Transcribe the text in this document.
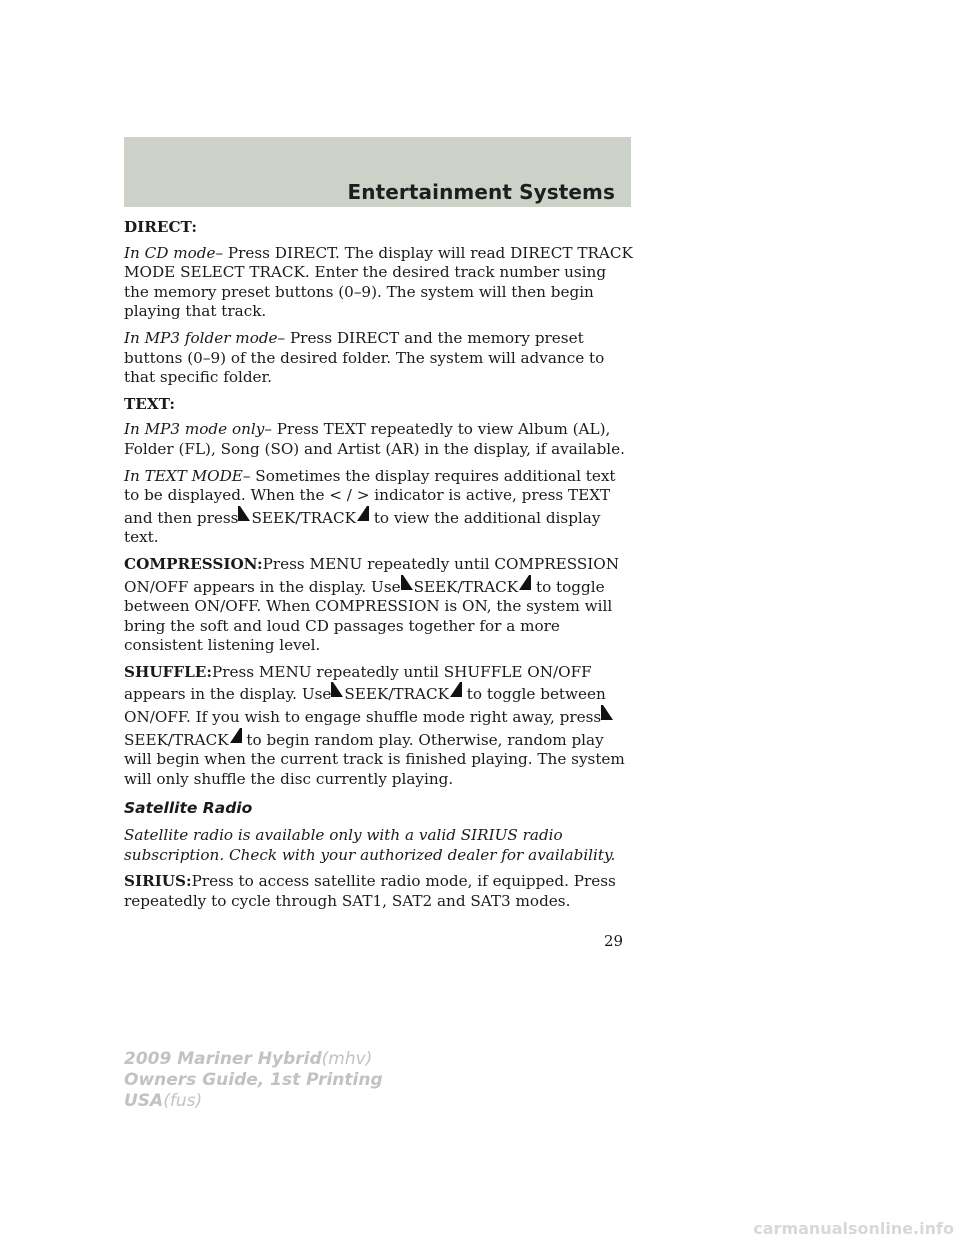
Entertainment Systems

DIRECT:

In CD mode– Press DIRECT. The display will read DIRECT TRACK MODE SELECT TRACK. Enter the desired track number using the memory preset buttons (0–9). The system will then begin playing that track.

In MP3 folder mode– Press DIRECT and the memory preset buttons (0–9) of the desired folder. The system will advance to that specific folder.

TEXT:

In MP3 mode only– Press TEXT repeatedly to view Album (AL), Folder (FL), Song (SO) and Artist (AR) in the display, if available.

In TEXT MODE– Sometimes the display requires additional text to be displayed. When the < / > indicator is active, press TEXT and then press SEEK/TRACK to view the additional display text.

COMPRESSION:Press MENU repeatedly until COMPRESSION ON/OFF appears in the display. Use SEEK/TRACK to toggle between ON/OFF. When COMPRESSION is ON, the system will bring the soft and loud CD passages together for a more consistent listening level.

SHUFFLE:Press MENU repeatedly until SHUFFLE ON/OFF appears in the display. Use SEEK/TRACK to toggle between ON/OFF. If you wish to engage shuffle mode right away, press
SEEK/TRACK to begin random play. Otherwise, random play will begin when the current track is finished playing. The system will only shuffle the disc currently playing.

Satellite Radio

Satellite radio is available only with a valid SIRIUS radio subscription. Check with your authorized dealer for availability.

SIRIUS:Press to access satellite radio mode, if equipped. Press repeatedly to cycle through SAT1, SAT2 and SAT3 modes.

29
2009 Mariner Hybrid(mhv)
Owners Guide, 1st Printing
USA(fus)
carmanualsonline.info
